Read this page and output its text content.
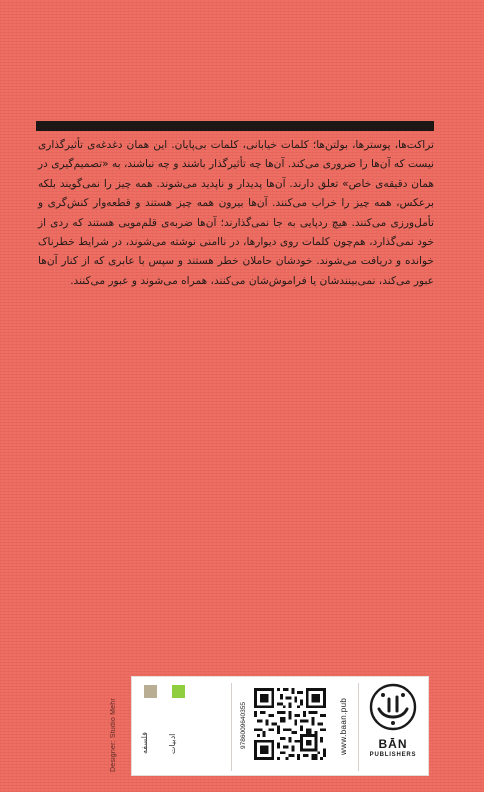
تراکت‌ها، پوسترها، بولتن‌ها؛ کلمات خیابانی، کلمات بی‌پایان. این همان دغدغه‌ی تأثیرگذاری نیست که آن‌ها را ضروری می‌کند. آن‌ها چه تأثیرگذار باشند و چه نباشند، به «تصمیم‌گیری در همان دقیقه‌ی خاص» تعلق دارند. آن‌ها پدیدار و ناپدید می‌شوند. همه چیز را نمی‌گویند بلکه برعکس، همه چیز را خراب می‌کنند. آن‌ها بیرون همه چیز هستند و قطعه‌وار کنش‌گری و تأمل‌ورزی می‌کنند. هیچ ردپایی به جا نمی‌گذارند؛ آن‌ها ضربه‌ی قلم‌مویی هستند که ردی از خود نمی‌گذارد، هم‌چون کلمات روی دیوارها، در ناامنی نوشته می‌شوند، در شرایط خطرناک خوانده و دریافت می‌شوند. خودشان حاملان خطر هستند و سپس با عابری که از کنار آن‌ها عبور می‌کند، نمی‌بینندشان یا فراموش‌شان می‌کنند، همراه می‌شوند و عبور می‌کنند.
Designer: Studio Mehr	فلسفه	ادبیات	9786009640355	www.baan.pub	BĀN
PUBLISHERS
